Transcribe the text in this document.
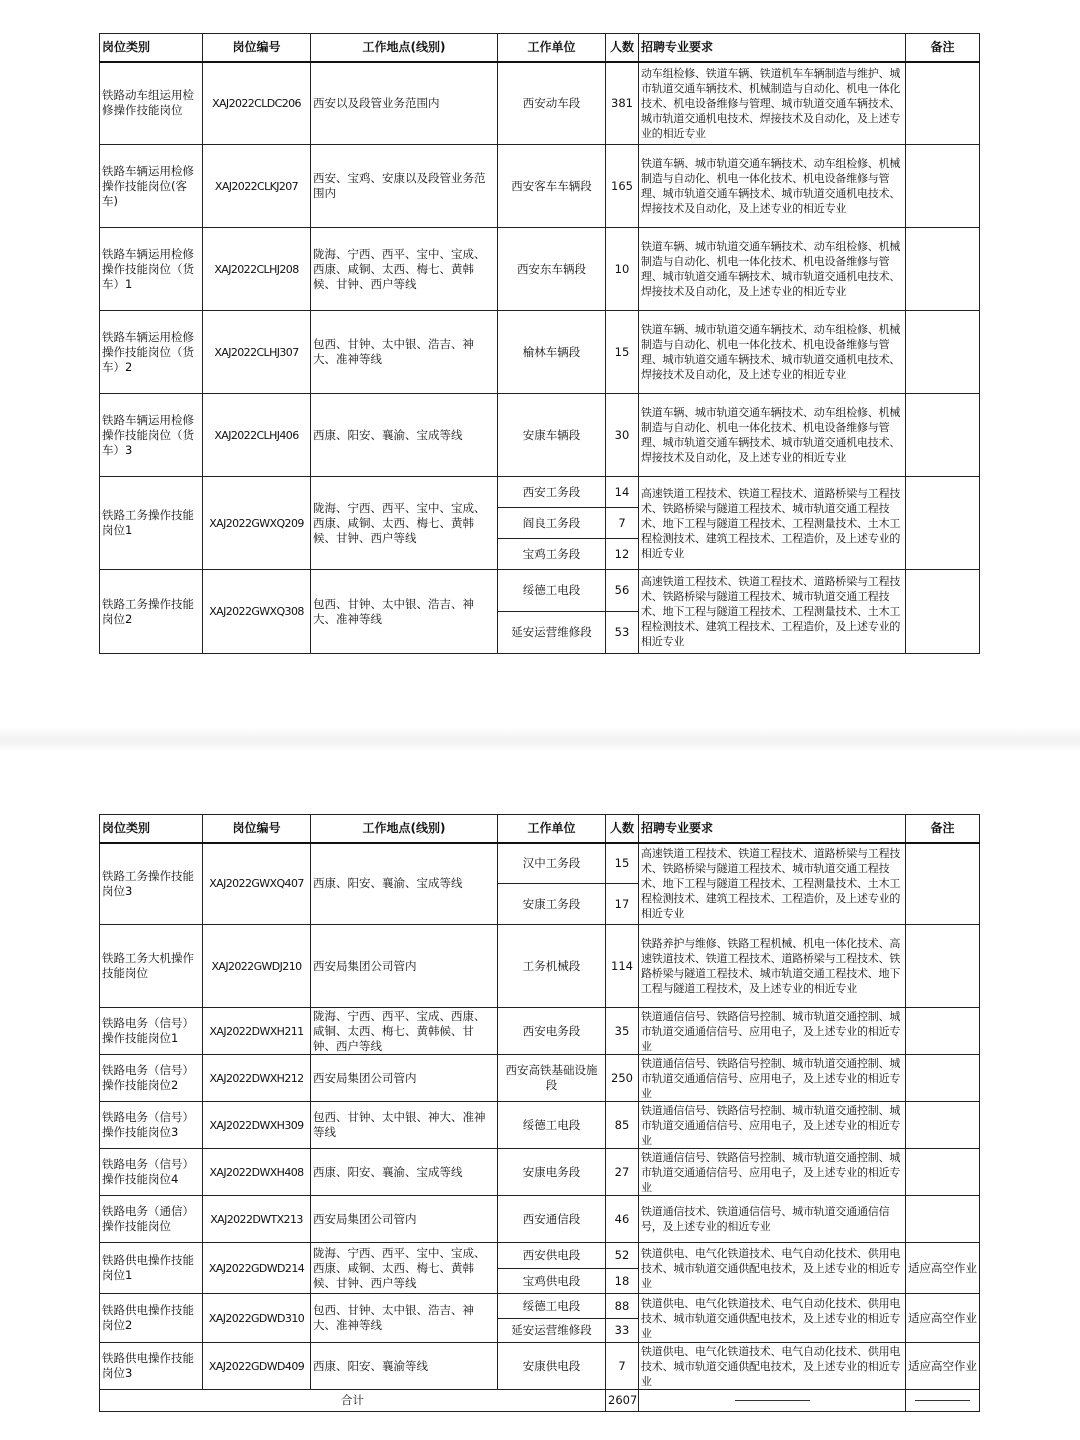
岗位类别	岗位编号	工作地点(线别)	工作单位	人数	招聘专业要求	备注
铁路动车组运用检修操作技能岗位	XAJ2022CLDC206	西安以及段管业务范围内	西安动车段	381	动车组检修、铁道车辆、铁道机车车辆制造与维护、城市轨道交通车辆技术、机械制造与自动化、机电一体化技术、机电设备维修与管理、城市轨道交通车辆技术、城市轨道交通机电技术、焊接技术及自动化，及上述专业的相近专业	

铁路车辆运用检修操作技能岗位(客车)	XAJ2022CLKJ207	西安、宝鸡、安康以及段管业务范围内	西安客车车辆段	165	铁道车辆、城市轨道交通车辆技术、动车组检修、机械制造与自动化、机电一体化技术、机电设备维修与管理、城市轨道交通车辆技术、城市轨道交通机电技术、焊接技术及自动化，及上述专业的相近专业	

铁路车辆运用检修操作技能岗位（货车）1	XAJ2022CLHJ208	陇海、宁西、西平、宝中、宝成、西康、咸铜、太西、梅七、黄韩候、甘钟、西户等线	西安东车辆段	10	铁道车辆、城市轨道交通车辆技术、动车组检修、机械制造与自动化、机电一体化技术、机电设备维修与管理、城市轨道交通车辆技术、城市轨道交通机电技术、焊接技术及自动化，及上述专业的相近专业	

铁路车辆运用检修操作技能岗位（货车）2	XAJ2022CLHJ307	包西、甘钟、太中银、浩吉、神大、准神等线	榆林车辆段	15	铁道车辆、城市轨道交通车辆技术、动车组检修、机械制造与自动化、机电一体化技术、机电设备维修与管理、城市轨道交通车辆技术、城市轨道交通机电技术、焊接技术及自动化，及上述专业的相近专业	

铁路车辆运用检修操作技能岗位（货车）3	XAJ2022CLHJ406	西康、阳安、襄渝、宝成等线	安康车辆段	30	铁道车辆、城市轨道交通车辆技术、动车组检修、机械制造与自动化、机电一体化技术、机电设备维修与管理、城市轨道交通车辆技术、城市轨道交通机电技术、焊接技术及自动化，及上述专业的相近专业	

铁路工务操作技能岗位1	XAJ2022GWXQ209	陇海、宁西、西平、宝中、宝成、西康、咸铜、太西、梅七、黄韩候、甘钟、西户等线	西安工务段	14	高速铁道工程技术、铁道工程技术、道路桥梁与工程技术、铁路桥梁与隧道工程技术、城市轨道交通工程技术、地下工程与隧道工程技术、工程测量技术、土木工程检测技术、建筑工程技术、工程造价，及上述专业的相近专业	

			阎良工务段	7		
			宝鸡工务段	12		
铁路工务操作技能岗位2	XAJ2022GWXQ308	包西、甘钟、太中银、浩吉、神大、准神等线	绥德工电段	56	高速铁道工程技术、铁道工程技术、道路桥梁与工程技术、铁路桥梁与隧道工程技术、城市轨道交通工程技术、地下工程与隧道工程技术、工程测量技术、土木工程检测技术、建筑工程技术、工程造价，及上述专业的相近专业	

			延安运营维修段	53		
岗位类别	岗位编号	工作地点(线别)	工作单位	人数	招聘专业要求	备注
铁路工务操作技能岗位3	XAJ2022GWXQ407	西康、阳安、襄渝、宝成等线	汉中工务段	15	高速铁道工程技术、铁道工程技术、道路桥梁与工程技术、铁路桥梁与隧道工程技术、城市轨道交通工程技术、地下工程与隧道工程技术、工程测量技术、土木工程检测技术、建筑工程技术、工程造价，及上述专业的相近专业	

			安康工务段	17		
铁路工务大机操作技能岗位	XAJ2022GWDJ210	西安局集团公司管内	工务机械段	114	铁路养护与维修、铁路工程机械、机电一体化技术、高速铁道技术、铁道工程技术、道路桥梁与工程技术、铁路桥梁与隧道工程技术、城市轨道交通工程技术、地下工程与隧道工程技术，及上述专业的相近专业	

铁路电务（信号）操作技能岗位1	XAJ2022DWXH211	陇海、宁西、西平、宝成、西康、咸铜、太西、梅七、黄韩候、甘钟、西户等线	西安电务段	35	铁道通信信号、铁路信号控制、城市轨道交通控制、城市轨道交通通信信号、应用电子，及上述专业的相近专业	

铁路电务（信号）操作技能岗位2	XAJ2022DWXH212	西安局集团公司管内	西安高铁基础设施段	250	铁道通信信号、铁路信号控制、城市轨道交通控制、城市轨道交通通信信号、应用电子，及上述专业的相近专业	

铁路电务（信号）操作技能岗位3	XAJ2022DWXH309	包西、甘钟、太中银、神大、准神等线	绥德工电段	85	铁道通信信号、铁路信号控制、城市轨道交通控制、城市轨道交通通信信号、应用电子，及上述专业的相近专业	

铁路电务（信号）操作技能岗位4	XAJ2022DWXH408	西康、阳安、襄渝、宝成等线	安康电务段	27	铁道通信信号、铁路信号控制、城市轨道交通控制、城市轨道交通通信信号、应用电子，及上述专业的相近专业	

铁路电务（通信）操作技能岗位	XAJ2022DWTX213	西安局集团公司管内	西安通信段	46	铁道通信技术、铁道通信信号、城市轨道交通通信信号，及上述专业的相近专业	

铁路供电操作技能岗位1	XAJ2022GDWD214	陇海、宁西、西平、宝中、宝成、西康、咸铜、太西、梅七、黄韩候、甘钟、西户等线	西安供电段	52	铁道供电、电气化铁道技术、电气自动化技术、供用电技术、城市轨道交通供配电技术，及上述专业的相近专业	适应高空作业
			宝鸡供电段	18		
铁路供电操作技能岗位2	XAJ2022GDWD310	包西、甘钟、太中银、浩吉、神大、准神等线	绥德工电段	88	铁道供电、电气化铁道技术、电气自动化技术、供用电技术、城市轨道交通供配电技术，及上述专业的相近专业	适应高空作业
			延安运营维修段	33		
铁路供电操作技能岗位3	XAJ2022GDWD409	西康、阳安、襄渝等线	安康供电段	7	铁道供电、电气化铁道技术、电气自动化技术、供用电技术、城市轨道交通供配电技术，及上述专业的相近专业	适应高空作业
合计				2607		
